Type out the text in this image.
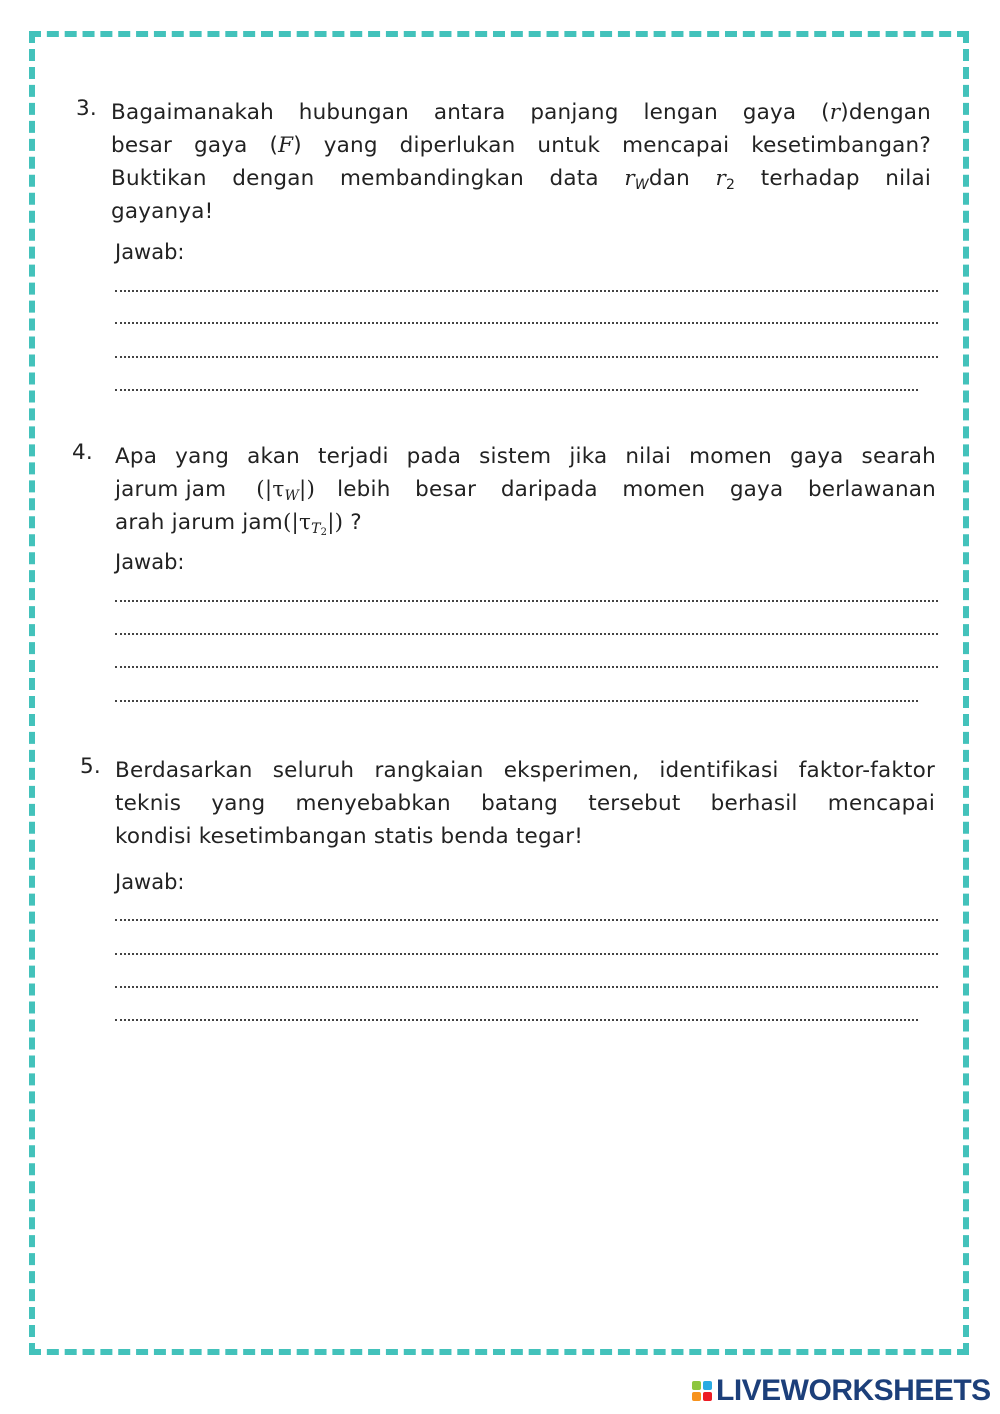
3. Bagaimanakah hubungan antara panjang lengan gaya (r)dengan
besar gaya (F) yang diperlukan untuk mencapai kesetimbangan?
Buktikan dengan membandingkan data $r_Wdan$ $r_2$ terhadap nilai
gayanya!
Jawab:
4. Apa yang akan terjadi pada sistem jika nilai momen gaya searah
jarum jam $(|\tau_W|)$ lebih besar daripada momen gaya berlawanan
arah jarum $jam(|\tau_{T2}|)$ ?
Jawab:
5. Berdasarkan seluruh rangkaian eksperimen, identifikasi faktor-faktor
teknis yang menyebabkan batang tersebut berhasil mencapai
kondisi kesetimbangan statis benda tegar!
Jawab:
LIVEWORKSHEETS
